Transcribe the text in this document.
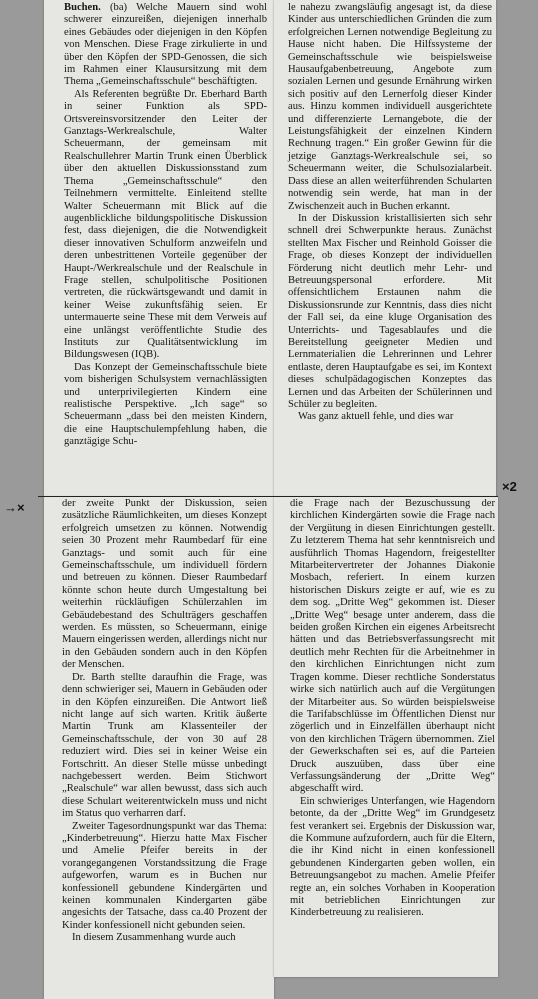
Buchen. (ba) Welche Mauern sind wohl schwerer einzureißen, diejenigen innerhalb eines Gebäudes oder diejenigen in den Köpfen von Menschen. Diese Frage zirkulierte in und über den Köpfen der SPD-Genossen, die sich im Rahmen einer Klausursitzung mit dem Thema „Gemeinschaftsschule“ beschäftigten.

Als Referenten begrüßte Dr. Eberhard Barth in seiner Funktion als SPD-Ortsvereinsvorsitzender den Leiter der Ganztags-Werkrealschule, Walter Scheuermann, der gemeinsam mit Realschullehrer Martin Trunk einen Überblick über den aktuellen Diskussionsstand zum Thema „Gemeinschaftsschule“ den Teilnehmern vermittelte. Einleitend stellte Walter Scheuermann mit Blick auf die augenblickliche bildungspolitische Diskussion fest, dass diejenigen, die die Notwendigkeit dieser innovativen Schulform anzweifeln und deren unbestrittenen Vorteile gegenüber der Haupt-/Werkrealschule und der Realschule in Frage stellen, schulpolitische Positionen vertreten, die rückwärtsgewandt und damit in keiner Weise zukunftsfähig seien. Er untermauerte seine These mit dem Verweis auf eine unlängst veröffentlichte Studie des Instituts zur Qualitätsentwicklung im Bildungswesen (IQB).

Das Konzept der Gemeinschaftsschule biete vom bisherigen Schulsystem vernachlässigten und unterprivilegierten Kindern eine realistische Perspektive. „Ich sage“ so Scheuermann „dass bei den meisten Kindern, die eine Hauptschulempfehlung haben, die ganztägige Schu-

le nahezu zwangsläufig angesagt ist, da diese Kinder aus unterschiedlichen Gründen die zum erfolgreichen Lernen notwendige Begleitung zu Hause nicht haben. Die Hilfssysteme der Gemeinschaftsschule wie beispielsweise Hausaufgabenbetreuung, Angebote zum sozialen Lernen und gesunde Ernährung wirken sich positiv auf den Lernerfolg dieser Kinder aus. Hinzu kommen individuell ausgerichtete und differenzierte Lernangebote, die der Leistungsfähigkeit der einzelnen Kindern Rechnung tragen.“ Ein großer Gewinn für die jetzige Ganztags-Werkrealschule sei, so Scheuermann weiter, die Schulsozialarbeit. Dass diese an allen weiterführenden Schularten notwendig sein werde, hat man in der Zwischenzeit auch in Buchen erkannt.

In der Diskussion kristallisierten sich sehr schnell drei Schwerpunkte heraus. Zunächst stellten Max Fischer und Reinhold Goisser die Frage, ob dieses Konzept der individuellen Förderung nicht deutlich mehr Lehr- und Betreuungspersonal erfordere. Mit offensichtlichem Erstaunen nahm die Diskussionsrunde zur Kenntnis, dass dies nicht der Fall sei, da eine kluge Organisation des Unterrichts- und Tagesablaufes und die Bereitstellung geeigneter Medien und Lernmaterialien die Lehrerinnen und Lehrer entlaste, deren Hauptaufgabe es sei, im Kontext dieses schulpädagogischen Konzeptes das Lernen und das Arbeiten der Schülerinnen und Schüler zu begleiten.

Was ganz aktuell fehle, und dies war

der zweite Punkt der Diskussion, seien zusätzliche Räumlichkeiten, um dieses Konzept erfolgreich umsetzen zu können. Notwendig seien 30 Prozent mehr Raumbedarf für eine Ganztags- und somit auch für eine Gemeinschaftsschule, um individuell fördern und betreuen zu können. Dieser Raumbedarf könnte schon heute durch Umgestaltung bei weiterhin rückläufigen Schülerzahlen im Gebäudebestand des Schulträgers geschaffen werden. Es müssten, so Scheuermann, einige Mauern eingerissen werden, allerdings nicht nur in den Gebäuden sondern auch in den Köpfen der Menschen.

Dr. Barth stellte daraufhin die Frage, was denn schwieriger sei, Mauern in Gebäuden oder in den Köpfen einzureißen. Die Antwort ließ nicht lange auf sich warten. Kritik äußerte Martin Trunk am Klassenteiler der Gemeinschaftsschule, der von 30 auf 28 reduziert wird. Dies sei in keiner Weise ein Fortschritt. An dieser Stelle müsse unbedingt nachgebessert werden. Beim Stichwort „Realschule“ war allen bewusst, dass sich auch diese Schulart weiterentwickeln muss und nicht im Status quo verharren darf.

Zweiter Tagesordnungspunkt war das Thema: „Kinderbetreuung“. Hierzu hatte Max Fischer und Amelie Pfeifer bereits in der vorangegangenen Vorstandssitzung die Frage aufgeworfen, warum es in Buchen nur konfessionell gebundene Kindergärten und keinen kommunalen Kindergarten gäbe angesichts der Tatsache, dass ca.40 Prozent der Kinder konfessionell nicht gebunden seien.

In diesem Zusammenhang wurde auch

die Frage nach der Bezuschussung der kirchlichen Kindergärten sowie die Frage nach der Vergütung in diesen Einrichtungen gestellt. Zu letzterem Thema hat sehr kenntnisreich und ausführlich Thomas Hagendorn, freigestellter Mitarbeitervertreter der Johannes Diakonie Mosbach, referiert. In einem kurzen historischen Diskurs zeigte er auf, wie es zu dem sog. „Dritte Weg“ gekommen ist. Dieser „Dritte Weg“ besage unter anderem, dass die beiden großen Kirchen ein eigenes Arbeitsrecht hätten und das Betriebsverfassungsrecht mit deutlich mehr Rechten für die Arbeitnehmer in den kirchlichen Einrichtungen nicht zum Tragen komme. Dieser rechtliche Sonderstatus wirke sich natürlich auch auf die Vergütungen der Mitarbeiter aus. So würden beispielsweise die Tarifabschlüsse im Öffentlichen Dienst nur zögerlich und in Einzelfällen überhaupt nicht von den kirchlichen Trägern übernommen. Ziel der Gewerkschaften sei es, auf die Parteien Druck auszuüben, dass über eine Verfassungsänderung der „Dritte Weg“ abgeschafft wird.

Ein schwieriges Unterfangen, wie Hagendorn betonte, da der „Dritte Weg“ im Grundgesetz fest verankert sei. Ergebnis der Diskussion war, die Kommune aufzufordern, auch für die Eltern, die ihr Kind nicht in einen konfessionell gebundenen Kindergarten geben wollen, ein Betreuungsangebot zu machen. Amelie Pfeifer regte an, ein solches Vorhaben in Kooperation mit betrieblichen Einrichtungen zur Kinderbetreuung zu realisieren.

×2
→×
